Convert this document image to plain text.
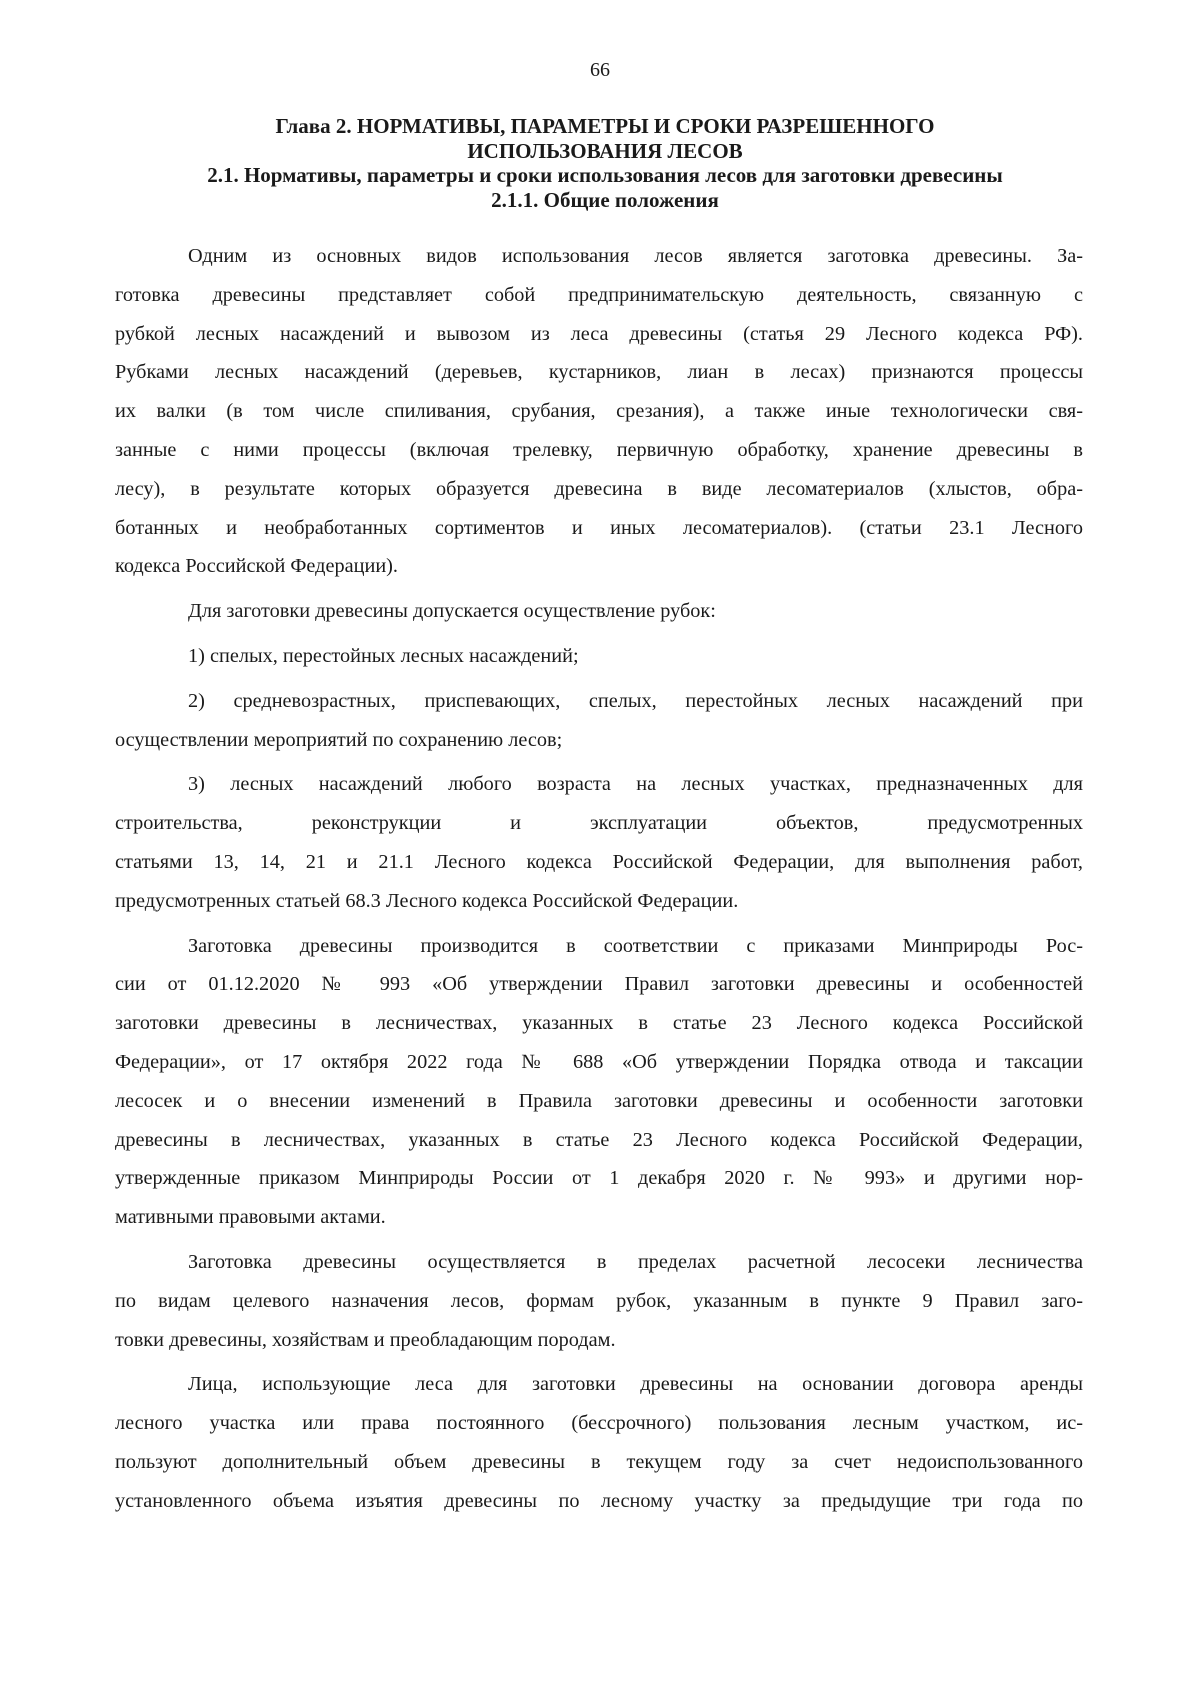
66
Глава 2. НОРМАТИВЫ, ПАРАМЕТРЫ И СРОКИ РАЗРЕШЕННОГО
ИСПОЛЬЗОВАНИЯ ЛЕСОВ
2.1. Нормативы, параметры и сроки использования лесов для заготовки древесины
2.1.1. Общие положения
Одним из основных видов использования лесов является заготовка древесины. За-
готовка древесины представляет собой предпринимательскую деятельность, связанную с
рубкой лесных насаждений и вывозом из леса древесины (статья 29 Лесного кодекса РФ).
Рубками лесных насаждений (деревьев, кустарников, лиан в лесах) признаются процессы
их валки (в том числе спиливания, срубания, срезания), а также иные технологически свя-
занные с ними процессы (включая трелевку, первичную обработку, хранение древесины в
лесу), в результате которых образуется древесина в виде лесоматериалов (хлыстов, обра-
ботанных и необработанных сортиментов и иных лесоматериалов). (статьи 23.1 Лесного
кодекса Российской Федерации).
Для заготовки древесины допускается осуществление рубок:
1) спелых, перестойных лесных насаждений;
2) средневозрастных, приспевающих, спелых, перестойных лесных насаждений при
осуществлении мероприятий по сохранению лесов;
3) лесных насаждений любого возраста на лесных участках, предназначенных для
строительства, реконструкции и эксплуатации объектов, предусмотренных
статьями 13, 14, 21 и 21.1 Лесного кодекса Российской Федерации, для выполнения работ,
предусмотренных статьей 68.3 Лесного кодекса Российской Федерации.
Заготовка древесины производится в соответствии с приказами Минприроды Рос-
сии от 01.12.2020 № 993 «Об утверждении Правил заготовки древесины и особенностей
заготовки древесины в лесничествах, указанных в статье 23 Лесного кодекса Российской
Федерации», от 17 октября 2022 года № 688 «Об утверждении Порядка отвода и таксации
лесосек и о внесении изменений в Правила заготовки древесины и особенности заготовки
древесины в лесничествах, указанных в статье 23 Лесного кодекса Российской Федерации,
утвержденные приказом Минприроды России от 1 декабря 2020 г. № 993» и другими нор-
мативными правовыми актами.
Заготовка древесины осуществляется в пределах расчетной лесосеки лесничества
по видам целевого назначения лесов, формам рубок, указанным в пункте 9 Правил заго-
товки древесины, хозяйствам и преобладающим породам.
Лица, использующие леса для заготовки древесины на основании договора аренды
лесного участка или права постоянного (бессрочного) пользования лесным участком, ис-
пользуют дополнительный объем древесины в текущем году за счет недоиспользованного
установленного объема изъятия древесины по лесному участку за предыдущие три года по
